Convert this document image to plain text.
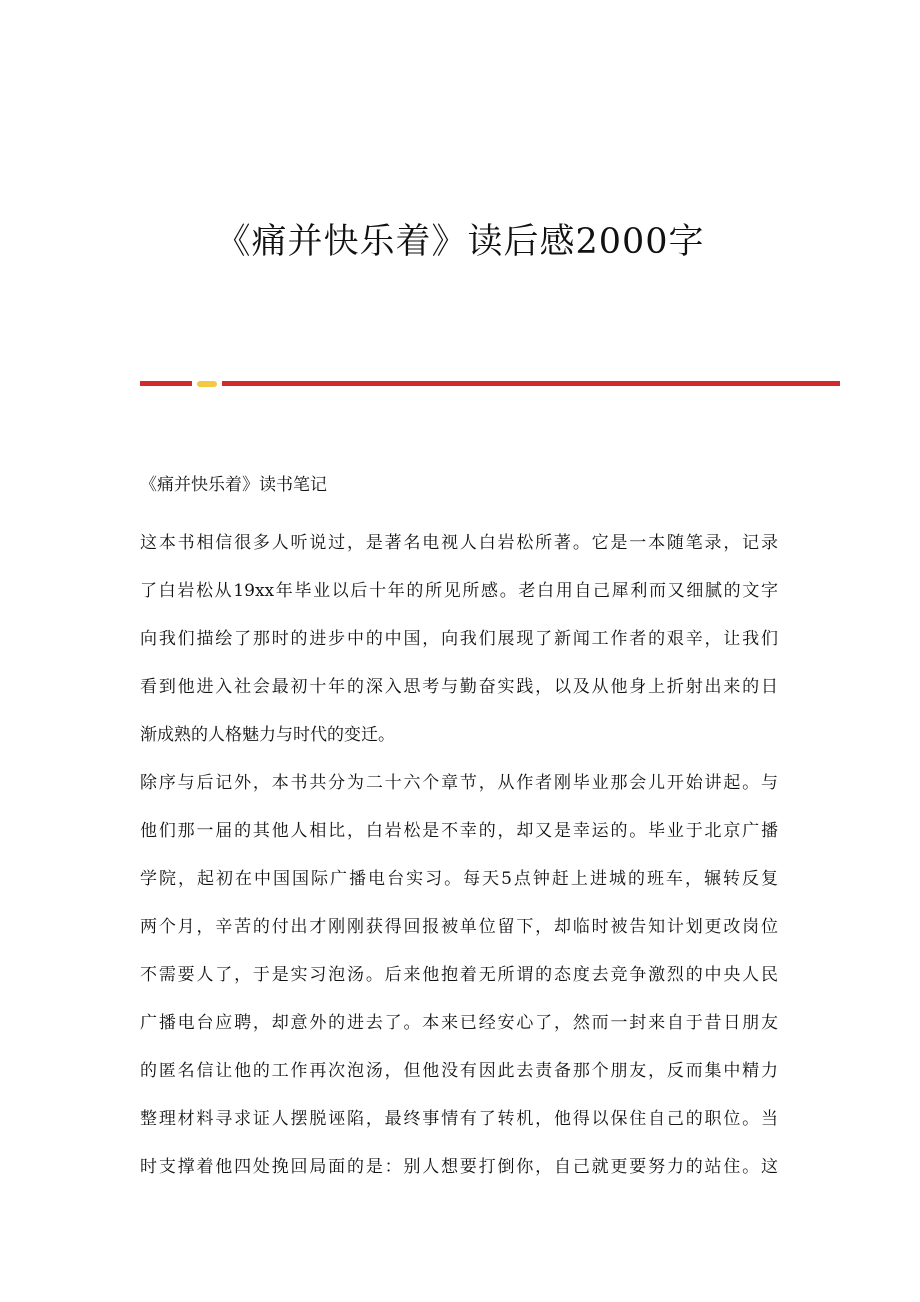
《痛并快乐着》读后感2000字
《痛并快乐着》读书笔记
这本书相信很多人听说过，是著名电视人白岩松所著。它是一本随笔录，记录
了白岩松从19xx年毕业以后十年的所见所感。老白用自己犀利而又细腻的文字
向我们描绘了那时的进步中的中国，向我们展现了新闻工作者的艰辛，让我们
看到他进入社会最初十年的深入思考与勤奋实践，以及从他身上折射出来的日
渐成熟的人格魅力与时代的变迁。
除序与后记外，本书共分为二十六个章节，从作者刚毕业那会儿开始讲起。与
他们那一届的其他人相比，白岩松是不幸的，却又是幸运的。毕业于北京广播
学院，起初在中国国际广播电台实习。每天5点钟赶上进城的班车，辗转反复
两个月，辛苦的付出才刚刚获得回报被单位留下，却临时被告知计划更改岗位
不需要人了，于是实习泡汤。后来他抱着无所谓的态度去竞争激烈的中央人民
广播电台应聘，却意外的进去了。本来已经安心了，然而一封来自于昔日朋友
的匿名信让他的工作再次泡汤，但他没有因此去责备那个朋友，反而集中精力
整理材料寻求证人摆脱诬陷，最终事情有了转机，他得以保住自己的职位。当
时支撑着他四处挽回局面的是：别人想要打倒你，自己就更要努力的站住。这
